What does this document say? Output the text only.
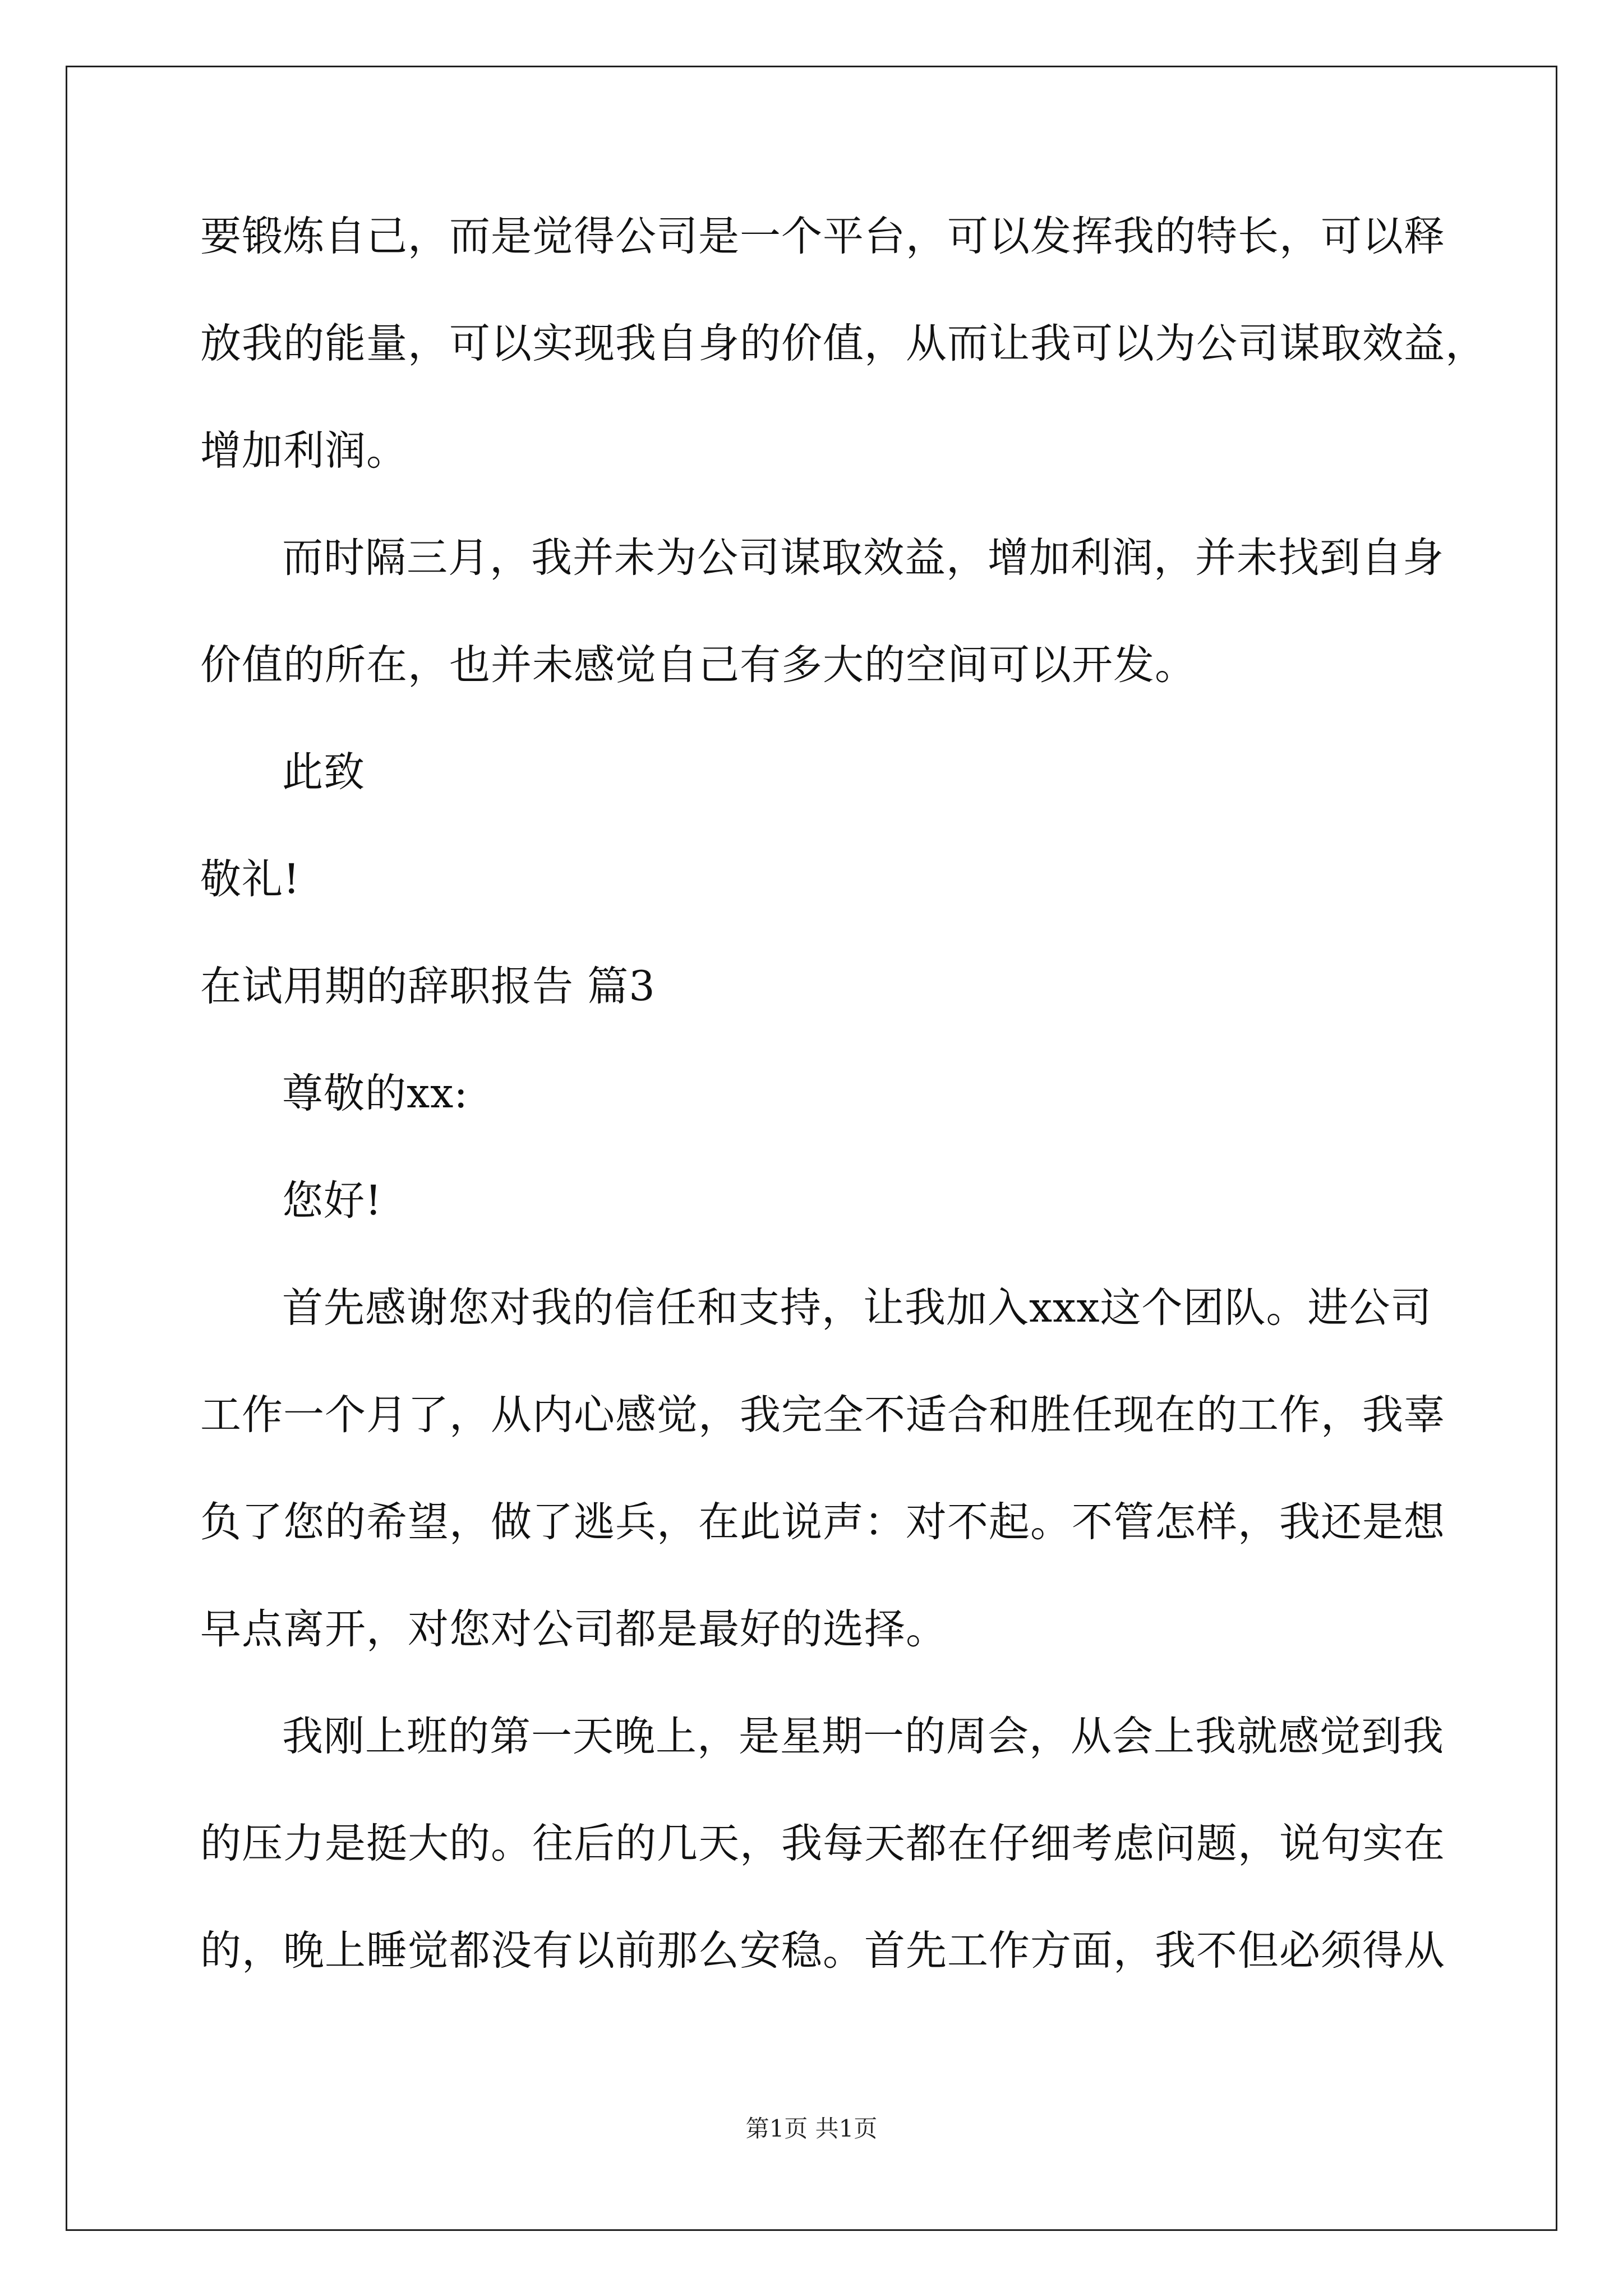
要锻炼自己，而是觉得公司是一个平台，可以发挥我的特长，可以释
放我的能量，可以实现我自身的价值，从而让我可以为公司谋取效益，
增加利润。
而时隔三月，我并未为公司谋取效益，增加利润，并未找到自身
价值的所在，也并未感觉自己有多大的空间可以开发。
此致
敬礼!
在试用期的辞职报告 篇3
尊敬的xx:
您好!
首先感谢您对我的信任和支持，让我加入xxx这个团队。进公司
工作一个月了，从内心感觉，我完全不适合和胜任现在的工作，我辜
负了您的希望，做了逃兵，在此说声：对不起。不管怎样，我还是想
早点离开，对您对公司都是最好的选择。
我刚上班的第一天晚上，是星期一的周会，从会上我就感觉到我
的压力是挺大的。往后的几天，我每天都在仔细考虑问题，说句实在
的，晚上睡觉都没有以前那么安稳。首先工作方面，我不但必须得从
第1页 共1页
